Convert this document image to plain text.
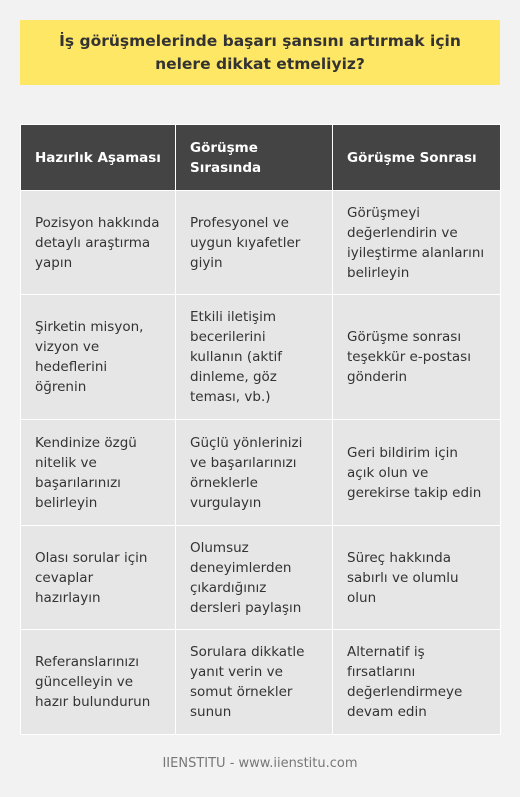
İş görüşmelerinde başarı şansını artırmak için nelere dikkat etmeliyiz?
Hazırlık Aşaması	Görüşme Sırasında	Görüşme Sonrası
Pozisyon hakkında detaylı araştırma yapın	Profesyonel ve uygun kıyafetler giyin	Görüşmeyi değerlendirin ve iyileştirme alanlarını belirleyin
Şirketin misyon, vizyon ve hedeflerini öğrenin	Etkili iletişim becerilerini kullanın (aktif dinleme, göz teması, vb.)	Görüşme sonrası teşekkür e-postası gönderin
Kendinize özgü nitelik ve başarılarınızı belirleyin	Güçlü yönlerinizi ve başarılarınızı örneklerle vurgulayın	Geri bildirim için açık olun ve gerekirse takip edin
Olası sorular için cevaplar hazırlayın	Olumsuz deneyimlerden çıkardığınız dersleri paylaşın	Süreç hakkında sabırlı ve olumlu olun
Referanslarınızı güncelleyin ve hazır bulundurun	Sorulara dikkatle yanıt verin ve somut örnekler sunun	Alternatif iş fırsatlarını değerlendirmeye devam edin
IIENSTITU - www.iienstitu.com
